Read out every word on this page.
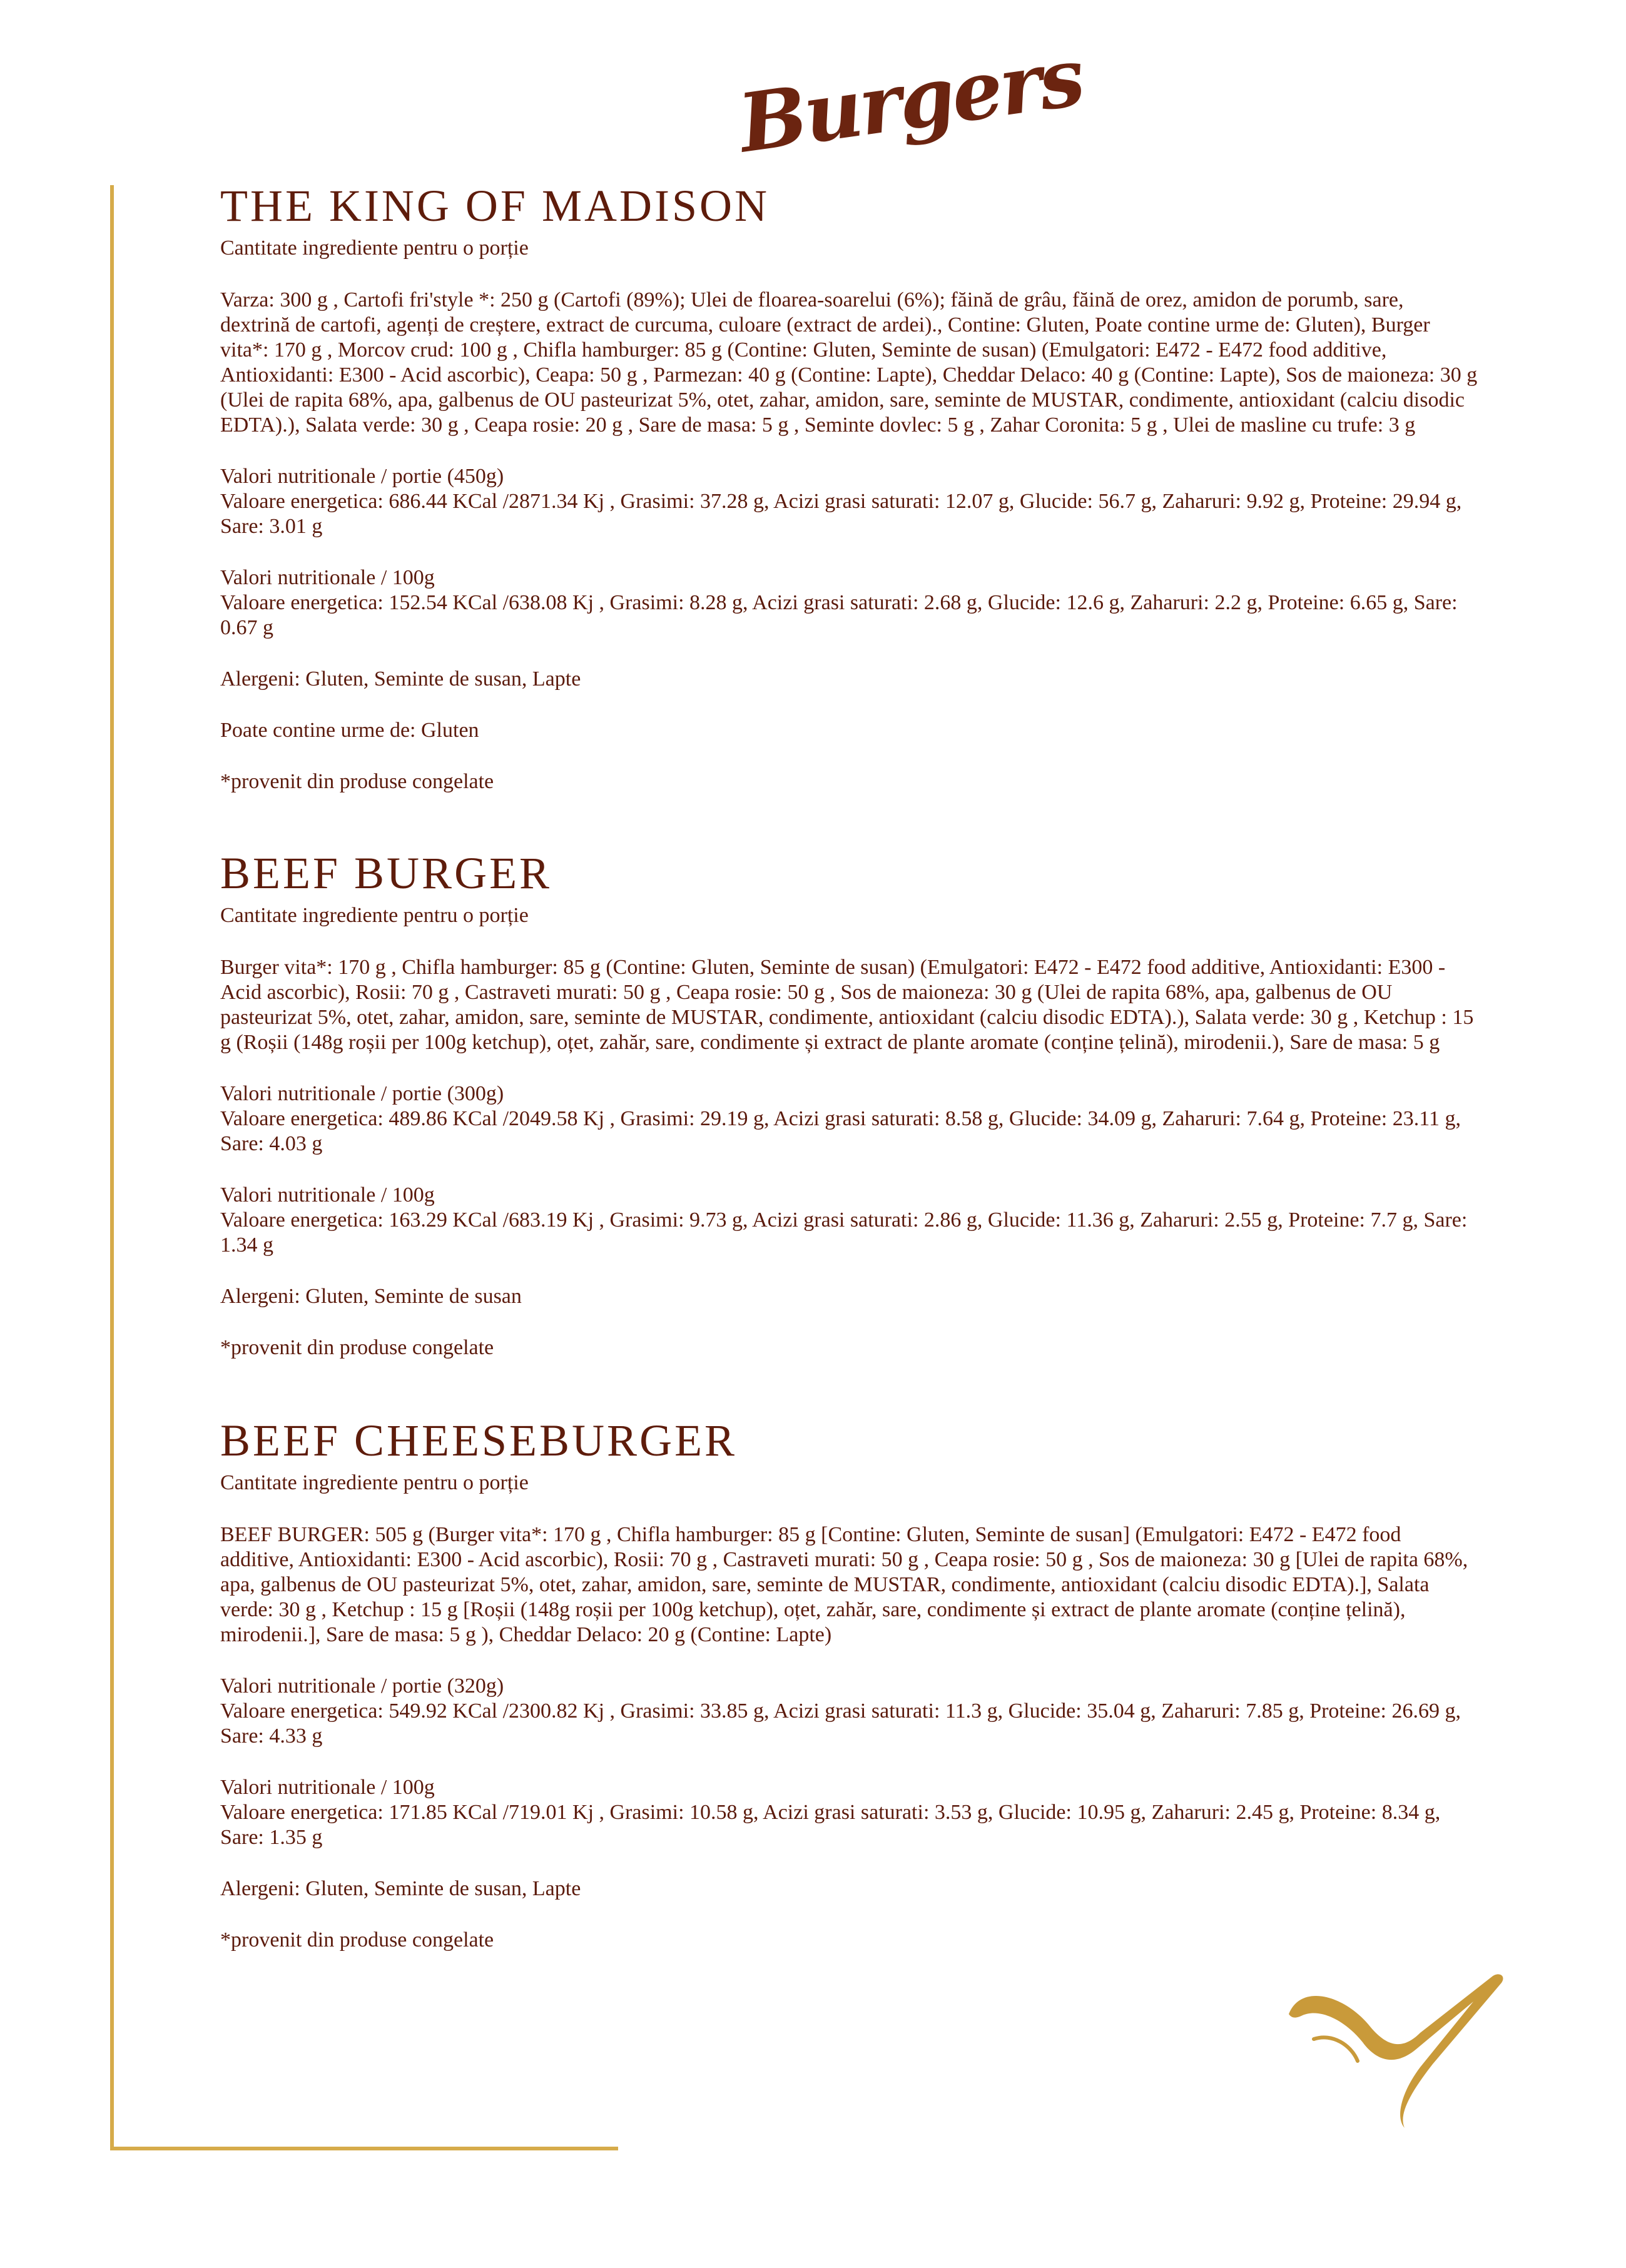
Burgers
THE KING OF MADISON
Cantitate ingrediente pentru o porție

Varza: 300 g , Cartofi fri'style *: 250 g (Cartofi (89%); Ulei de floarea-soarelui (6%); făină de grâu, făină de orez, amidon de porumb, sare, dextrină de cartofi, agenți de creștere, extract de curcuma, culoare (extract de ardei)., Contine: Gluten, Poate contine urme de: Gluten), Burger vita*: 170 g , Morcov crud: 100 g , Chifla hamburger: 85 g (Contine: Gluten, Seminte de susan) (Emulgatori: E472 - E472 food additive, Antioxidanti: E300 - Acid ascorbic), Ceapa: 50 g , Parmezan: 40 g (Contine: Lapte), Cheddar Delaco: 40 g (Contine: Lapte), Sos de maioneza: 30 g (Ulei de rapita 68%, apa, galbenus de OU pasteurizat 5%, otet, zahar, amidon, sare, seminte de MUSTAR, condimente, antioxidant (calciu disodic EDTA).), Salata verde: 30 g , Ceapa rosie: 20 g , Sare de masa: 5 g , Seminte dovlec: 5 g , Zahar Coronita: 5 g , Ulei de masline cu trufe: 3 g

Valori nutritionale / portie (450g)

Valoare energetica: 686.44 KCal /2871.34 Kj , Grasimi: 37.28 g, Acizi grasi saturati: 12.07 g, Glucide: 56.7 g, Zaharuri: 9.92 g, Proteine: 29.94 g, Sare: 3.01 g

Valori nutritionale / 100g

Valoare energetica: 152.54 KCal /638.08 Kj , Grasimi: 8.28 g, Acizi grasi saturati: 2.68 g, Glucide: 12.6 g, Zaharuri: 2.2 g, Proteine: 6.65 g, Sare: 0.67 g

Alergeni: Gluten, Seminte de susan, Lapte

Poate contine urme de: Gluten

*provenit din produse congelate

BEEF BURGER
Cantitate ingrediente pentru o porție

Burger vita*: 170 g , Chifla hamburger: 85 g (Contine: Gluten, Seminte de susan) (Emulgatori: E472 - E472 food additive, Antioxidanti: E300 - Acid ascorbic), Rosii: 70 g , Castraveti murati: 50 g , Ceapa rosie: 50 g , Sos de maioneza: 30 g (Ulei de rapita 68%, apa, galbenus de OU pasteurizat 5%, otet, zahar, amidon, sare, seminte de MUSTAR, condimente, antioxidant (calciu disodic EDTA).), Salata verde: 30 g , Ketchup : 15 g (Roșii (148g roșii per 100g ketchup), oțet, zahăr, sare, condimente și extract de plante aromate (conține țelină), mirodenii.), Sare de masa: 5 g

Valori nutritionale / portie (300g)

Valoare energetica: 489.86 KCal /2049.58 Kj , Grasimi: 29.19 g, Acizi grasi saturati: 8.58 g, Glucide: 34.09 g, Zaharuri: 7.64 g, Proteine: 23.11 g, Sare: 4.03 g

Valori nutritionale / 100g

Valoare energetica: 163.29 KCal /683.19 Kj , Grasimi: 9.73 g, Acizi grasi saturati: 2.86 g, Glucide: 11.36 g, Zaharuri: 2.55 g, Proteine: 7.7 g, Sare: 1.34 g

Alergeni: Gluten, Seminte de susan

*provenit din produse congelate

BEEF CHEESEBURGER
Cantitate ingrediente pentru o porție

BEEF BURGER: 505 g (Burger vita*: 170 g , Chifla hamburger: 85 g [Contine: Gluten, Seminte de susan] (Emulgatori: E472 - E472 food additive, Antioxidanti: E300 - Acid ascorbic), Rosii: 70 g , Castraveti murati: 50 g , Ceapa rosie: 50 g , Sos de maioneza: 30 g [Ulei de rapita 68%, apa, galbenus de OU pasteurizat 5%, otet, zahar, amidon, sare, seminte de MUSTAR, condimente, antioxidant (calciu disodic EDTA).], Salata verde: 30 g , Ketchup : 15 g [Roșii (148g roșii per 100g ketchup), oțet, zahăr, sare, condimente și extract de plante aromate (conține țelină), mirodenii.], Sare de masa: 5 g ), Cheddar Delaco: 20 g (Contine: Lapte)

Valori nutritionale / portie (320g)

Valoare energetica: 549.92 KCal /2300.82 Kj , Grasimi: 33.85 g, Acizi grasi saturati: 11.3 g, Glucide: 35.04 g, Zaharuri: 7.85 g, Proteine: 26.69 g, Sare: 4.33 g

Valori nutritionale / 100g

Valoare energetica: 171.85 KCal /719.01 Kj , Grasimi: 10.58 g, Acizi grasi saturati: 3.53 g, Glucide: 10.95 g, Zaharuri: 2.45 g, Proteine: 8.34 g, Sare: 1.35 g

Alergeni: Gluten, Seminte de susan, Lapte

*provenit din produse congelate
